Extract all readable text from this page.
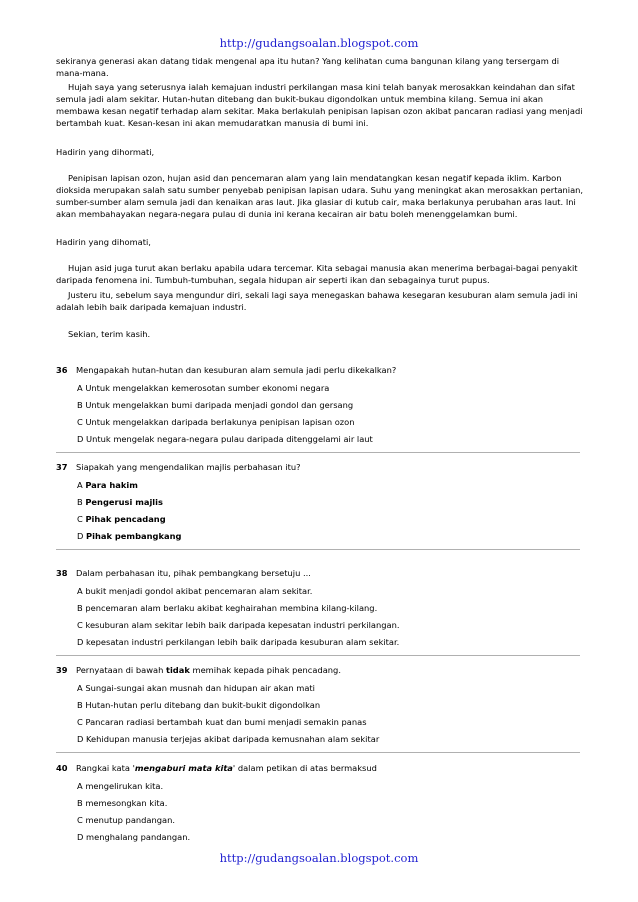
http://gudangsoalan.blogspot.com
sekiranya generasi akan datang tidak mengenal apa itu hutan? Yang kelihatan cuma bangunan kilang yang tersergam di mana-mana.
Hujah saya yang seterusnya ialah kemajuan industri perkilangan masa kini telah banyak merosakkan keindahan dan sifat semula jadi alam sekitar. Hutan-hutan ditebang dan bukit-bukau digondolkan untuk membina kilang. Semua ini akan membawa kesan negatif terhadap alam sekitar. Maka berlakulah penipisan lapisan ozon akibat pancaran radiasi yang menjadi bertambah kuat. Kesan-kesan ini akan memudaratkan manusia di bumi ini.
Hadirin yang dihormati,
Penipisan lapisan ozon, hujan asid dan pencemaran alam yang lain mendatangkan kesan negatif kepada iklim. Karbon dioksida merupakan salah satu sumber penyebab penipisan lapisan udara. Suhu yang meningkat akan merosakkan pertanian, sumber-sumber alam semula jadi dan kenaikan aras laut. Jika glasiar di kutub cair, maka berlakunya perubahan aras laut. Ini akan membahayakan negara-negara pulau di dunia ini kerana kecairan air batu boleh menenggelamkan bumi.
Hadirin yang dihomati,
Hujan asid juga turut akan berlaku apabila udara tercemar. Kita sebagai manusia akan menerima berbagai-bagai penyakit daripada fenomena ini. Tumbuh-tumbuhan, segala hidupan air seperti ikan dan sebagainya turut pupus.
Justeru itu, sebelum saya mengundur diri, sekali lagi saya menegaskan bahawa kesegaran kesuburan alam semula jadi ini adalah lebih baik daripada kemajuan industri.
Sekian, terim kasih.
36 Mengapakah hutan-hutan dan kesuburan alam semula jadi perlu dikekalkan?
A Untuk mengelakkan kemerosotan sumber ekonomi negara
B Untuk mengelakkan bumi daripada menjadi gondol dan gersang
C Untuk mengelakkan daripada berlakunya penipisan lapisan ozon
D Untuk mengelak negara-negara pulau daripada ditenggelami air laut
37 Siapakah yang mengendalikan majlis perbahasan itu?
A Para hakim
B Pengerusi majlis
C Pihak pencadang
D Pihak pembangkang
38 Dalam perbahasan itu, pihak pembangkang bersetuju ...
A bukit menjadi gondol akibat pencemaran alam sekitar.
B pencemaran alam berlaku akibat keghairahan membina kilang-kilang.
C kesuburan alam sekitar lebih baik daripada kepesatan industri perkilangan.
D kepesatan industri perkilangan lebih baik daripada kesuburan alam sekitar.
39 Pernyataan di bawah tidak memihak kepada pihak pencadang.
A Sungai-sungai akan musnah dan hidupan air akan mati
B Hutan-hutan perlu ditebang dan bukit-bukit digondolkan
C Pancaran radiasi bertambah kuat dan bumi menjadi semakin panas
D Kehidupan manusia terjejas akibat daripada kemusnahan alam sekitar
40 Rangkai kata 'mengaburi mata kita' dalam petikan di atas bermaksud
A mengelirukan kita.
B memesongkan kita.
C menutup pandangan.
D menghalang pandangan.
http://gudangsoalan.blogspot.com
